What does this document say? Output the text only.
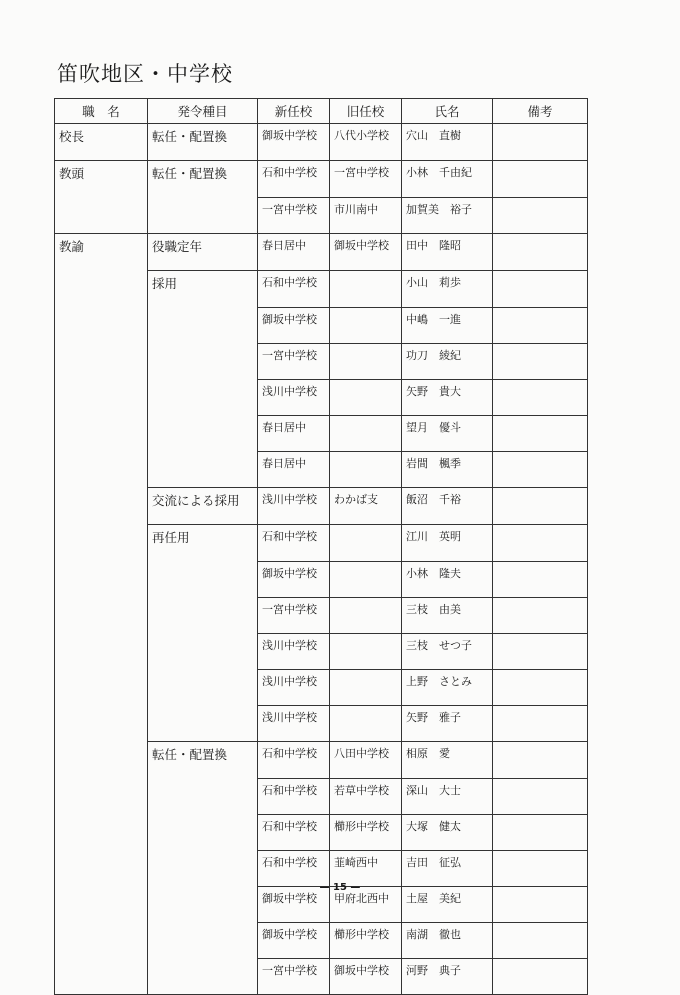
笛吹地区・中学校
職　名	発令種目	新任校	旧任校	氏名	備考
校長	転任・配置換	御坂中学校	八代小学校	穴山　直樹	
教頭	転任・配置換	石和中学校	一宮中学校	小林　千由紀	
		一宮中学校	市川南中	加賀美　裕子	
教諭	役職定年	春日居中	御坂中学校	田中　隆昭	
	採用	石和中学校		小山　莉歩	
		御坂中学校		中嶋　一進	
		一宮中学校		功刀　綾紀	
		浅川中学校		矢野　貴大	
		春日居中		望月　優斗	
		春日居中		岩間　楓季	
	交流による採用	浅川中学校	わかば支	飯沼　千裕	
	再任用	石和中学校		江川　英明	
		御坂中学校		小林　隆夫	
		一宮中学校		三枝　由美	
		浅川中学校		三枝　せつ子	
		浅川中学校		上野　さとみ	
		浅川中学校		矢野　雅子	
	転任・配置換	石和中学校	八田中学校	相原　愛	
		石和中学校	若草中学校	深山　大士	
		石和中学校	櫛形中学校	大塚　健太	
		石和中学校	韮崎西中	吉田　征弘	
		御坂中学校	甲府北西中	土屋　美紀	
		御坂中学校	櫛形中学校	南湖　徹也	
		一宮中学校	御坂中学校	河野　典子	
— 15 —
